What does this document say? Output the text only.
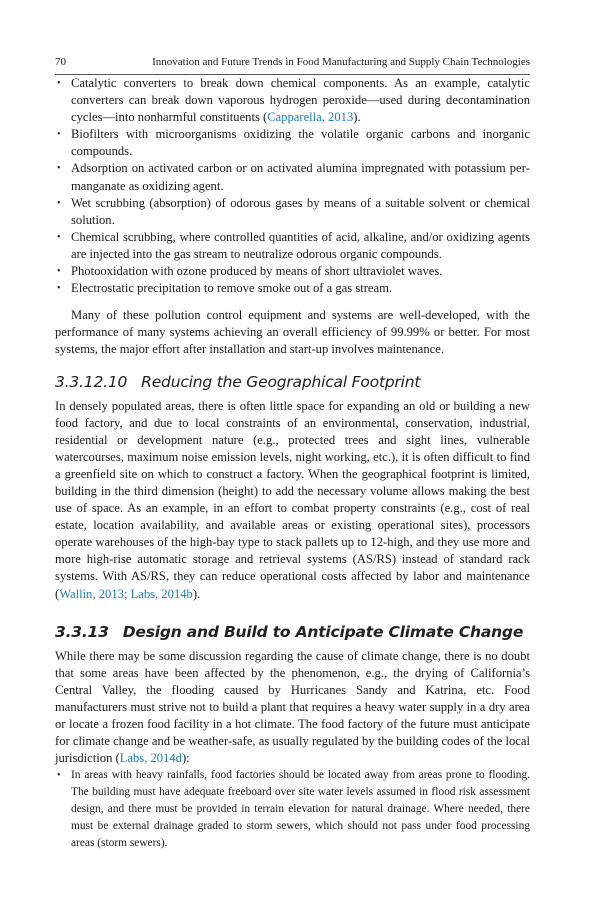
70	Innovation and Future Trends in Food Manufacturing and Supply Chain Technologies
• Catalytic converters to break down chemical components. As an example, catalytic converters can break down vaporous hydrogen peroxide—used during decontamination cycles—into nonharmful constituents (Capparella, 2013).
• Biofilters with microorganisms oxidizing the volatile organic carbons and inorganic compounds.
• Adsorption on activated carbon or on activated alumina impregnated with potassium permanganate as oxidizing agent.
• Wet scrubbing (absorption) of odorous gases by means of a suitable solvent or chemical solution.
• Chemical scrubbing, where controlled quantities of acid, alkaline, and/or oxidizing agents are injected into the gas stream to neutralize odorous organic compounds.
• Photooxidation with ozone produced by means of short ultraviolet waves.
• Electrostatic precipitation to remove smoke out of a gas stream.

Many of these pollution control equipment and systems are well-developed, with the performance of many systems achieving an overall efficiency of 99.99% or better. For most systems, the major effort after installation and start-up involves maintenance.

3.3.12.10 Reducing the Geographical Footprint

In densely populated areas, there is often little space for expanding an old or building a new food factory, and due to local constraints of an environmental, conservation, industrial, residential or development nature (e.g., protected trees and sight lines, vulnerable watercourses, maximum noise emission levels, night working, etc.), it is often difficult to find a greenfield site on which to construct a factory. When the geographical footprint is limited, building in the third dimension (height) to add the necessary volume allows making the best use of space. As an example, in an effort to combat property constraints (e.g., cost of real estate, location availability, and available areas or existing operational sites), processors operate warehouses of the high-bay type to stack pallets up to 12-high, and they use more and more high-rise automatic storage and retrieval systems (AS/RS) instead of standard rack systems. With AS/RS, they can reduce operational costs affected by labor and maintenance (Wallin, 2013; Labs, 2014b).

3.3.13 Design and Build to Anticipate Climate Change

While there may be some discussion regarding the cause of climate change, there is no doubt that some areas have been affected by the phenomenon, e.g., the drying of California’s Central Valley, the flooding caused by Hurricanes Sandy and Katrina, etc. Food manufacturers must strive not to build a plant that requires a heavy water supply in a dry area or locate a frozen food facility in a hot climate. The food factory of the future must anticipate for climate change and be weather-safe, as usually regulated by the building codes of the local jurisdiction (Labs, 2014d):

• In areas with heavy rainfalls, food factories should be located away from areas prone to flooding. The building must have adequate freeboard over site water levels assumed in flood risk assessment design, and there must be provided in terrain elevation for natural drainage. Where needed, there must be external drainage graded to storm sewers, which should not pass under food processing areas (storm sewers).
